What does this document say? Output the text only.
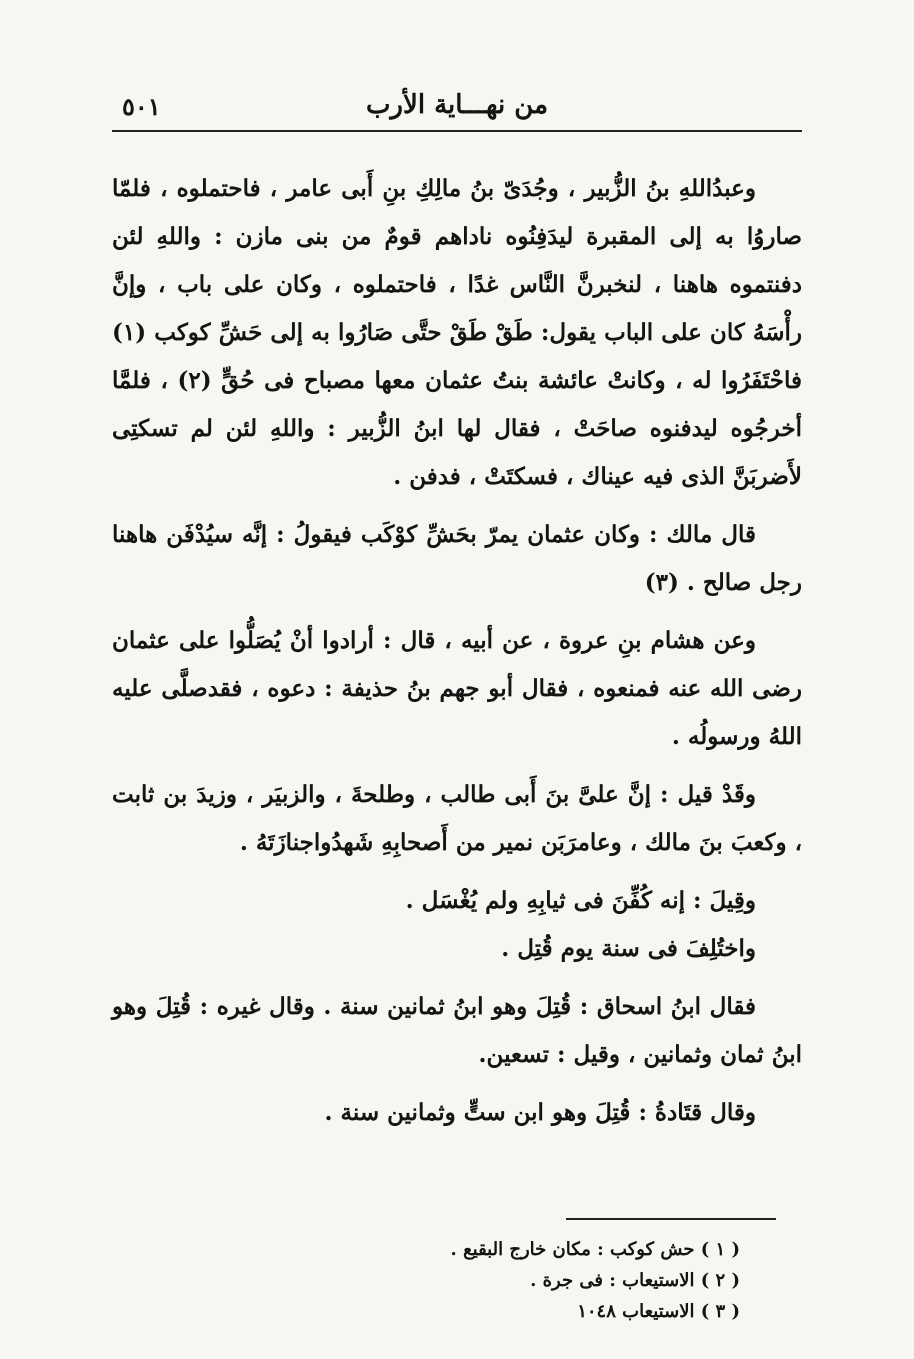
٥٠١	من نهـــاية الأرب

وعبدُاللهِ بنُ الزُّبير ، وجُدَىّ بنُ مالِكِ بنِ أَبى عامر ، فاحتملوه ، فلمّا صاروُا به إلى المقبرة ليدَفِنُوه ناداهم قومٌ من بنى مازن : واللهِ لئن دفنتموه هاهنا ، لنخبرنَّ النَّاس غدًا ، فاحتملوه ، وكان على باب ، وإنَّ رأْسَهُ كان على الباب يقول: طَقْ طَقْ حتَّى صَارُوا به إلى حَشِّ كوكب (١) فاحْتَفَرُوا له ، وكانتْ عائشة بنتُ عثمان معها مصباح فى حُقٍّ (٢) ، فلمَّا أخرجُوه ليدفنوه صاحَتْ ، فقال لها ابنُ الزُّبير : واللهِ لئن لم تسكتِى لأَضربَنَّ الذى فيه عيناك ، فسكتَتْ ، فدفن .

قال مالك : وكان عثمان يمرّ بحَشِّ كوْكَب فيقولُ : إنَّه سيُدْفَن هاهنا رجل صالح . (٣)

وعن هشام بنِ عروة ، عن أبيه ، قال : أرادوا أنْ يُصَلُّوا على عثمان رضى الله عنه فمنعوه ، فقال أبو جهم بنُ حذيفة : دعوه ، فقدصلَّى عليه اللهُ ورسولُه .

وقَدْ قيل : إنَّ علىَّ بنَ أَبى طالب ، وطلحةَ ، والزبيَر ، وزيدَ بن ثابت ، وكعبَ بنَ مالك ، وعامرَبَن نمير من أَصحابِهِ شَهدُواجنازَتَهُ .

وقِيلَ : إنه كُفِّنَ فى ثيابِهِ ولم يُغْسَل .

واختُلِفَ فى سنة يوم قُتِل .

فقال ابنُ اسحاق : قُتِلَ وهو ابنُ ثمانين سنة . وقال غيره : قُتِلَ وهو ابنُ ثمان وثمانين ، وقيل : تسعين.

وقال قتَادةُ : قُتِلَ وهو ابن ستٍّ وثمانين سنة .

( ١ ) حش كوكب : مكان خارج البقيع .
( ٢ ) الاستيعاب : فى جرة .
( ٣ ) الاستيعاب ١٠٤٨
